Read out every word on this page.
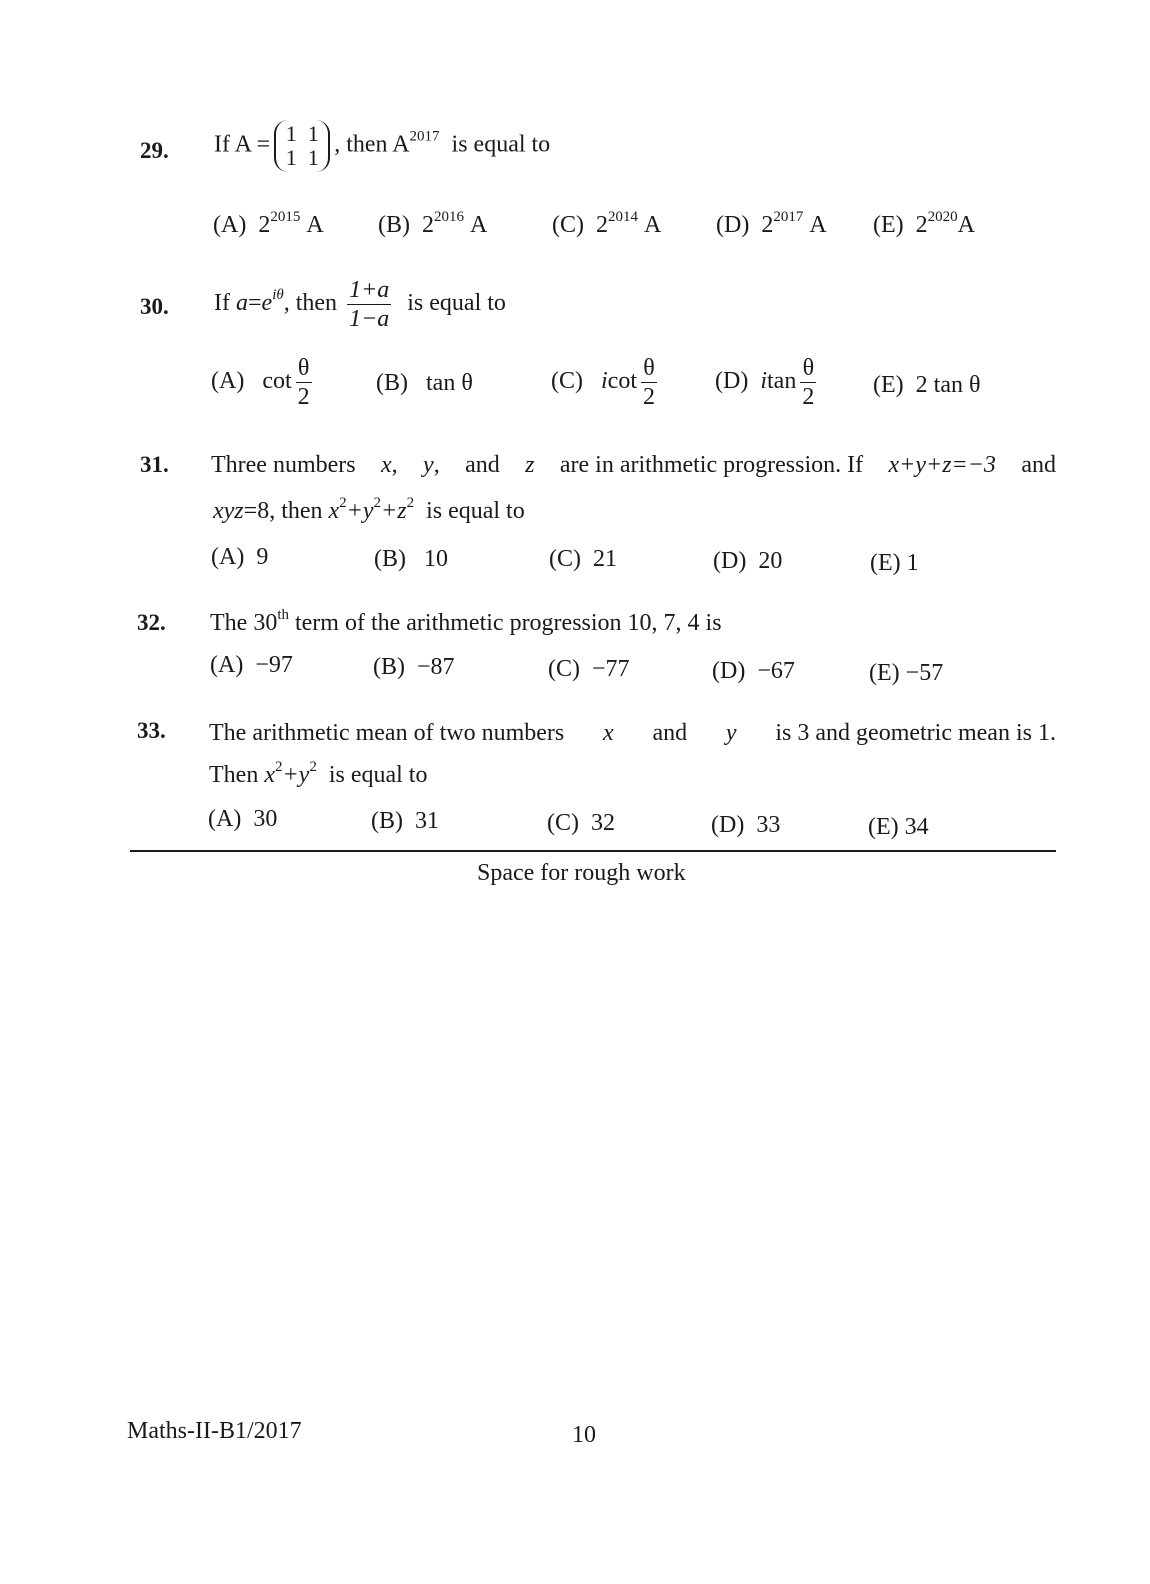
29. If A = 1 1
1 1 , then $A^{2017}$ is equal to
(A) $2^{2015}$ A (B) $2^{2016}$ A	(C) $2^{2014}$ A (D) $2^{2017}$ A (E) $2^{2020}A$
30. If $a=e^{i\theta}$, then $\frac{1+a}{1-a}$ is equal to
(A) $\cot \frac{\theta}{2}$	(B) tan θ	(C) icot $\frac{\theta}{2} (D)$ itan $\frac{\theta}{2} (E)$ 2 tan θ
31. Three numbers x, y, and z are in arithmetic progression. If x+y+z=−3 and
xyz=8, then $x^2+y^2+z^2$ is equal to
(A) 9	(B) 10	(C) 21	(D) 20	(E) 1
32. The 30th term of the arithmetic progression 10, 7, 4 is
(A) −97	(B) −87	(C) −77	(D) −67	(E) −57
33. The arithmetic mean of two numbers x and y is 3 and geometric mean is 1.
Then $x^2+y^2$ is equal to
(A) 30	(B) 31	(C) 32	(D) 33	(E) 34
Space for rough work
Maths-II-B1/2017	10
